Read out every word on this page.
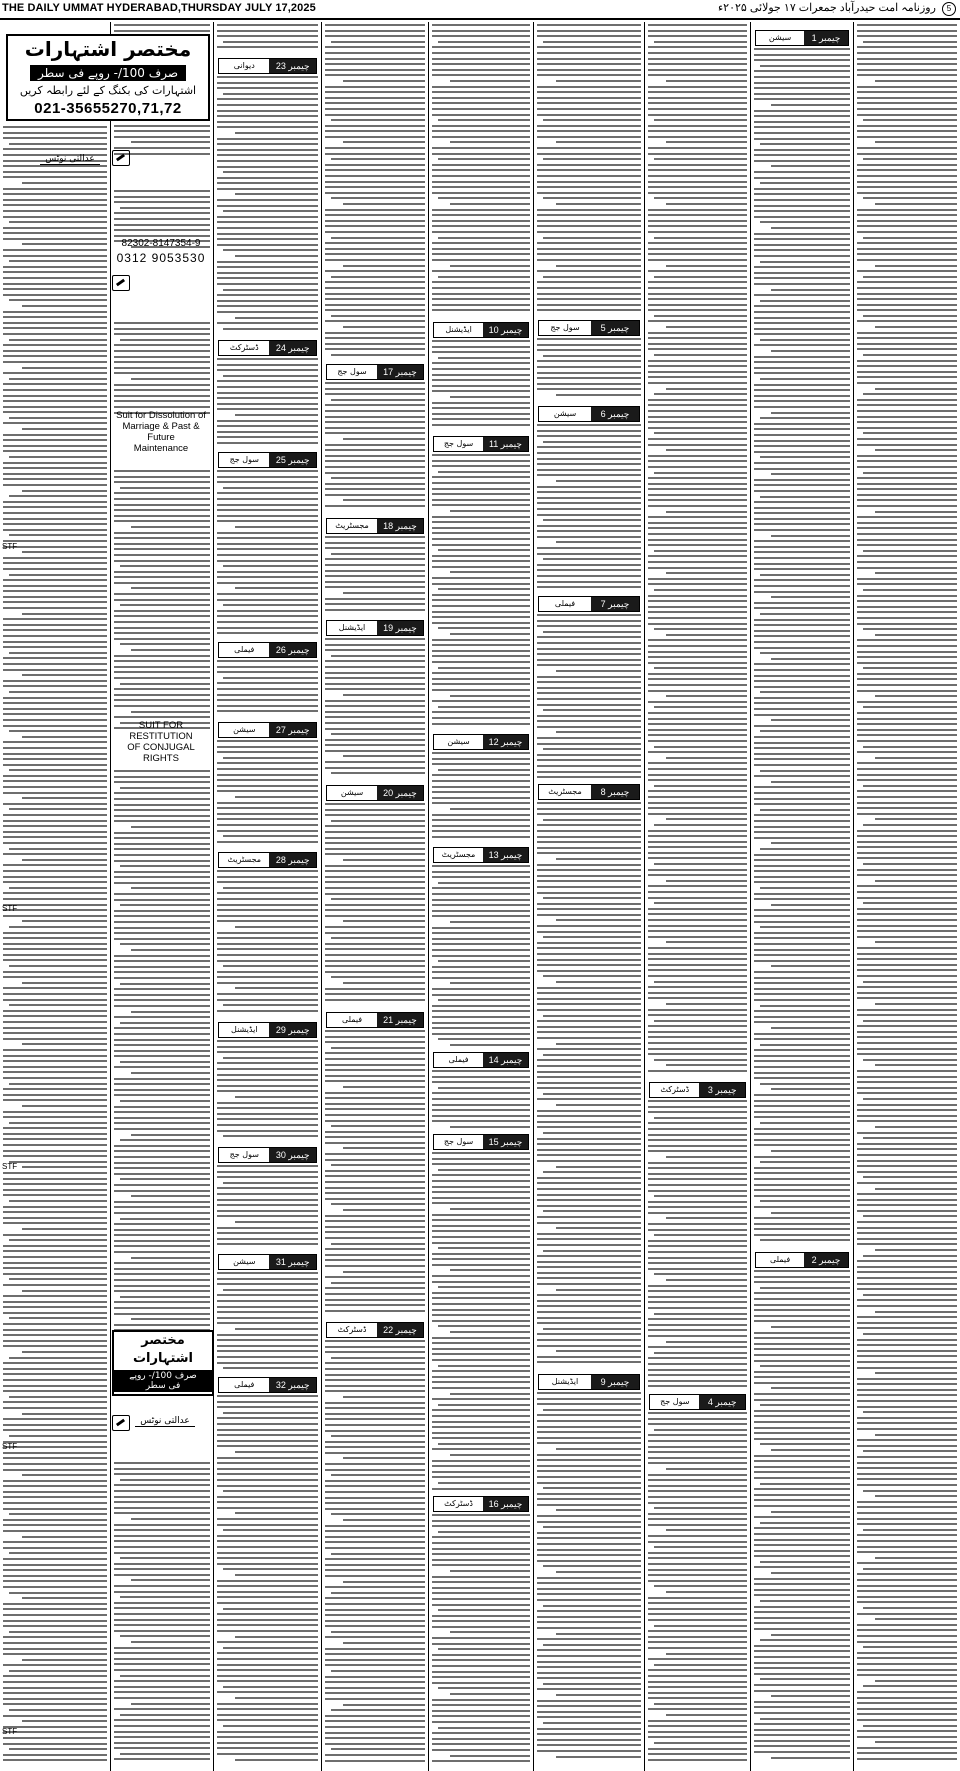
THE DAILY UMMAT HYDERABAD,THURSDAY JULY 17,2025	5 روزنامہ امت حیدرآباد جمعرات ۱۷ جولائی ۲۰۲۵ء
STF
STF
STF
STF
STF
دیوانی	چیمبر 23
ڈسٹرکٹ	چیمبر 24
سول جج	چیمبر 25
فیملی	چیمبر 26
سیشن	چیمبر 27
مجسٹریٹ	چیمبر 28
ایڈیشنل	چیمبر 29
سول جج	چیمبر 30
سیشن	چیمبر 31
فیملی	چیمبر 32
سول جج	چیمبر 17
مجسٹریٹ	چیمبر 18
ایڈیشنل	چیمبر 19
سیشن	چیمبر 20
فیملی	چیمبر 21
ڈسٹرکٹ	چیمبر 22
ایڈیشنل	چیمبر 10
سول جج	چیمبر 11
سیشن	چیمبر 12
مجسٹریٹ	چیمبر 13
فیملی	چیمبر 14
سول جج	چیمبر 15
ڈسٹرکٹ	چیمبر 16
سول جج	چیمبر 5
سیشن	چیمبر 6
فیملی	چیمبر 7
مجسٹریٹ	چیمبر 8
ایڈیشنل	چیمبر 9
ڈسٹرکٹ	چیمبر 3
سول جج	چیمبر 4
سیشن	چیمبر 1
فیملی	چیمبر 2
مختصر اشتہارات
صرف 100/- روپے فی سطر
اشتہارات کی بکنگ کے لئے رابطہ کریں
021-35655270,71,72
مختصر اشتہارات
صرف 100/- روپے فی سطر
Suit for Dissolution of
Marriage & Past & Future
Maintenance
SUIT FOR RESTITUTION
OF CONJUGAL RIGHTS
82302-8147354-9
0312 9053530
عدالتی نوٹس
عدالتی نوٹس
